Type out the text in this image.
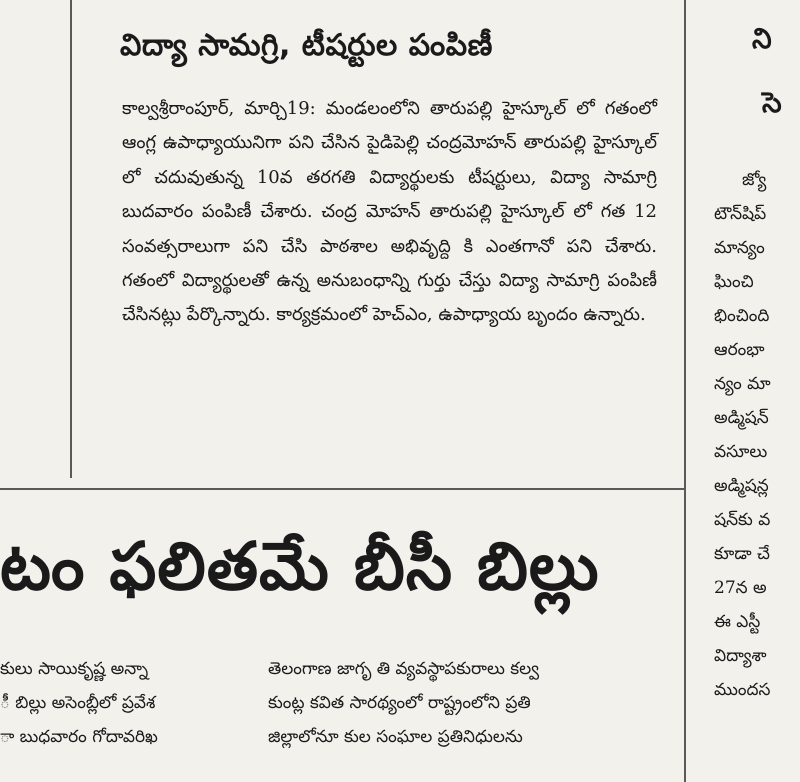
విద్యా సామగ్రి, టీషర్టుల పంపిణీ

కాల్వశ్రీరాంపూర్, మార్చి19: మండలంలోని తారుపల్లి హైస్కూల్ లో గతంలో ఆంగ్ల ఉపాధ్యాయునిగా పని చేసిన పైడిపెల్లి చంద్రమోహన్ తారుపల్లి హైస్కూల్ లో చదువుతున్న 10వ తరగతి విద్యార్థులకు టీషర్టులు, విద్యా సామాగ్రి బుదవారం పంపిణీ చేశారు. చంద్ర మోహన్ తారుపల్లి హైస్కూల్ లో గత 12 సంవత్సరాలుగా పని చేసి పాఠశాల అభివృద్ది కి ఎంతగానో పని చేశారు. గతంలో విద్యార్థులతో ఉన్న అనుబంధాన్ని గుర్తు చేస్తు విద్యా సామాగ్రి పంపిణీ చేసినట్లు పేర్కొన్నారు. కార్యక్రమంలో హెచ్ఎం, ఉపాధ్యాయ బృందం ఉన్నారు.

టం ఫలితమే బీసీ బిల్లు
కులు సాయికృష్ణ అన్నా
ీ బిల్లు అసెంబ్లీలో ప్రవేశ
ా బుధవారం గోదావరిఖ
తెలంగాణ జాగృ తి వ్యవస్థాపకురాలు కల్వ
కుంట్ల కవిత సారథ్యంలో రాష్ట్రంలోని ప్రతి
జిల్లాలోనూ కుల సంఘాల ప్రతినిధులను
ని
సె
జ్యో
టౌన్‌షిప్
మాన్యం
ఘించి
భించింది
ఆరంభా
న్యం మా
అడ్మిషన్
వసూలు
అడ్మిషన్ల
షన్‌కు వ
కూడా చే
27న అ
ఈ ఎస్టీ
విద్యాశా
ముందస
